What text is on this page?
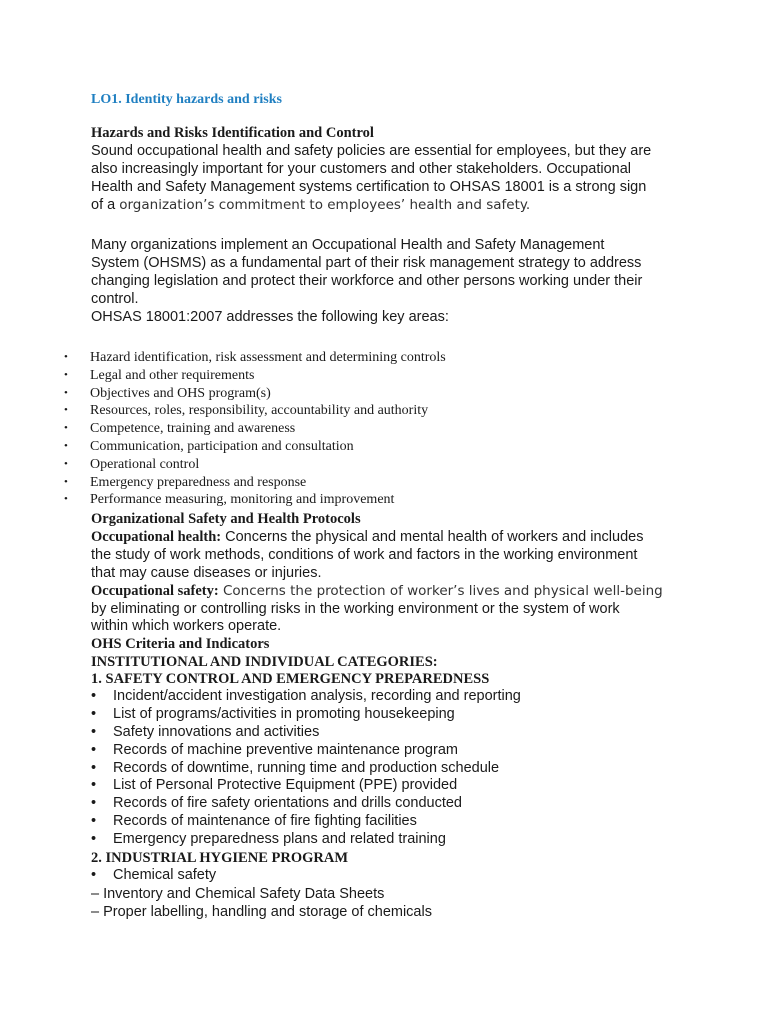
LO1. Identity hazards and risks
Hazards and Risks Identification and Control
Sound occupational health and safety policies are essential for employees, but they are
also increasingly important for your customers and other stakeholders. Occupational
Health and Safety Management systems certification to OHSAS 18001 is a strong sign
of a organization’s commitment to employees’ health and safety.
Many organizations implement an Occupational Health and Safety Management
System (OHSMS) as a fundamental part of their risk management strategy to address
changing legislation and protect their workforce and other persons working under their
control.
OHSAS 18001:2007 addresses the following key areas:
• Hazard identification, risk assessment and determining controls
• Legal and other requirements
• Objectives and OHS program(s)
• Resources, roles, responsibility, accountability and authority
• Competence, training and awareness
• Communication, participation and consultation
• Operational control
• Emergency preparedness and response
• Performance measuring, monitoring and improvement
Organizational Safety and Health Protocols
Occupational health: Concerns the physical and mental health of workers and includes
the study of work methods, conditions of work and factors in the working environment
that may cause diseases or injuries.
Occupational safety: Concerns the protection of worker’s lives and physical well-being
by eliminating or controlling risks in the working environment or the system of work
within which workers operate.
OHS Criteria and Indicators
INSTITUTIONAL AND INDIVIDUAL CATEGORIES:
1. SAFETY CONTROL AND EMERGENCY PREPAREDNESS
• Incident/accident investigation analysis, recording and reporting
• List of programs/activities in promoting housekeeping
• Safety innovations and activities
• Records of machine preventive maintenance program
• Records of downtime, running time and production schedule
• List of Personal Protective Equipment (PPE) provided
• Records of fire safety orientations and drills conducted
• Records of maintenance of fire fighting facilities
• Emergency preparedness plans and related training
2. INDUSTRIAL HYGIENE PROGRAM
• Chemical safety
– Inventory and Chemical Safety Data Sheets
– Proper labelling, handling and storage of chemicals
